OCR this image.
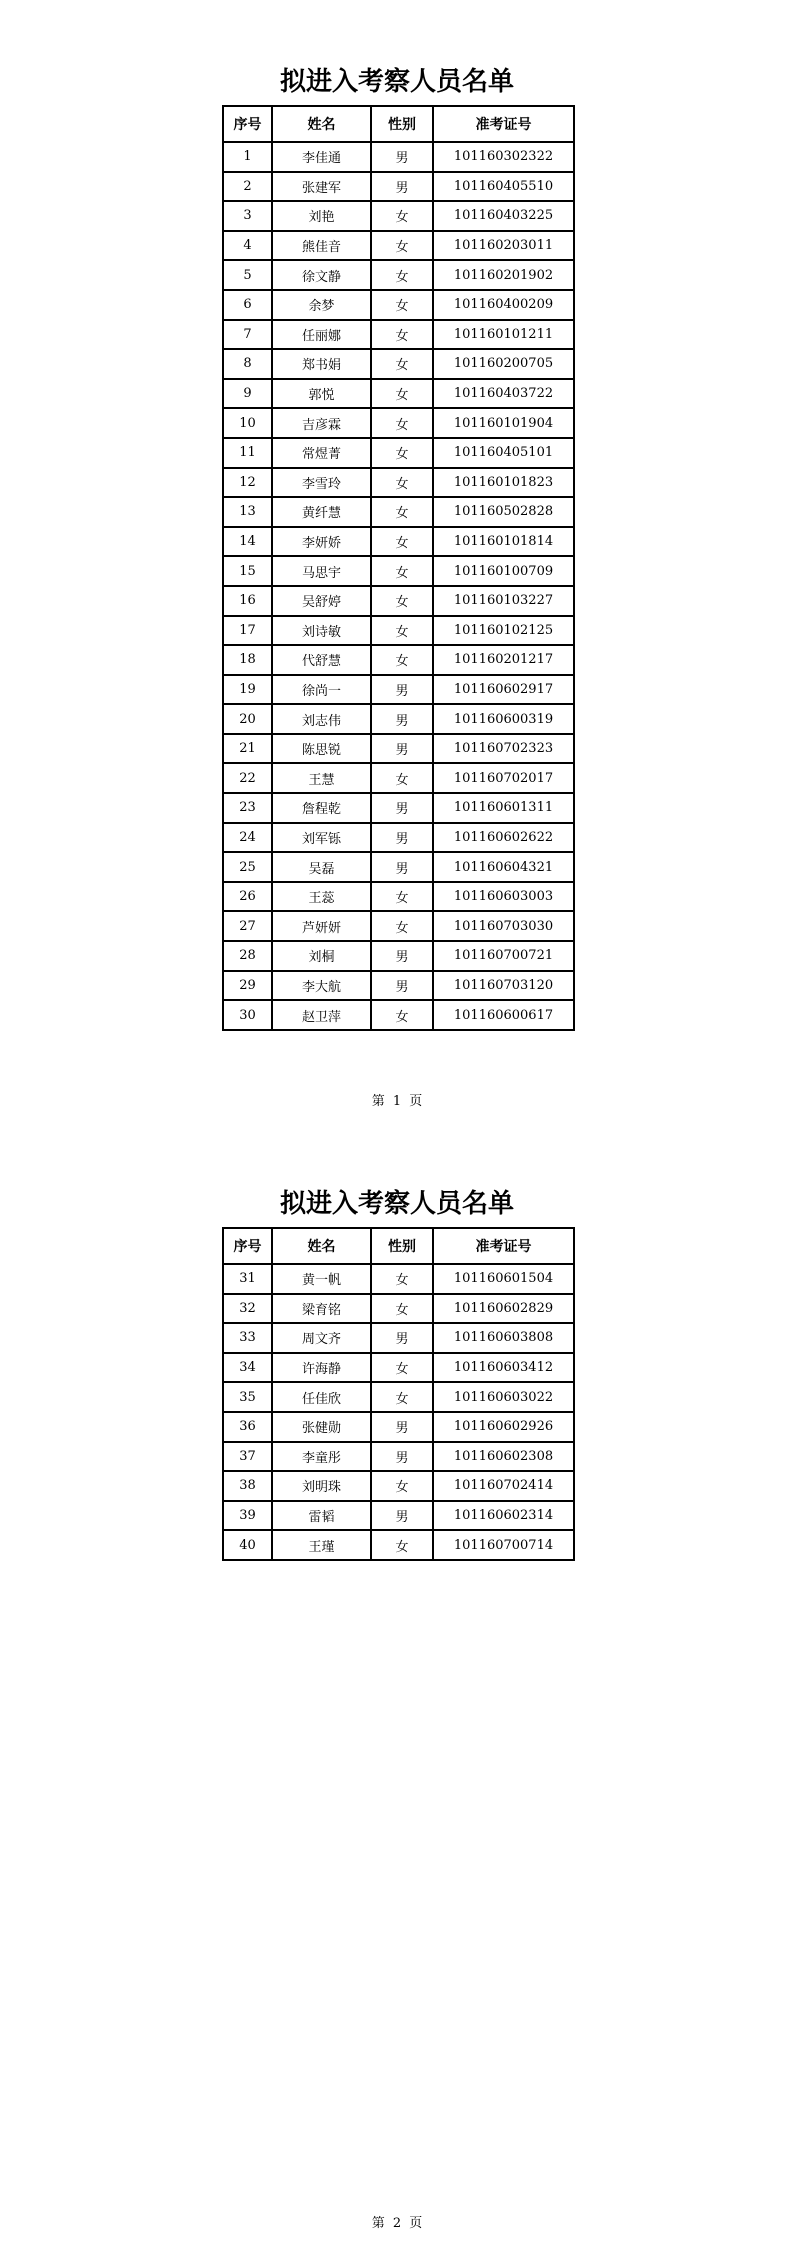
拟进入考察人员名单
序号	姓名	性别	准考证号
1	李佳通	男	101160302322
2	张建军	男	101160405510
3	刘艳	女	101160403225
4	熊佳音	女	101160203011
5	徐文静	女	101160201902
6	余梦	女	101160400209
7	任丽娜	女	101160101211
8	郑书娟	女	101160200705
9	郭悦	女	101160403722
10	吉彦霖	女	101160101904
11	常煜菁	女	101160405101
12	李雪玲	女	101160101823
13	黄纤慧	女	101160502828
14	李妍娇	女	101160101814
15	马思宇	女	101160100709
16	吴舒婷	女	101160103227
17	刘诗敏	女	101160102125
18	代舒慧	女	101160201217
19	徐尚一	男	101160602917
20	刘志伟	男	101160600319
21	陈思锐	男	101160702323
22	王慧	女	101160702017
23	詹程乾	男	101160601311
24	刘军铄	男	101160602622
25	吴磊	男	101160604321
26	王蕊	女	101160603003
27	芦妍妍	女	101160703030
28	刘桐	男	101160700721
29	李大航	男	101160703120
30	赵卫萍	女	101160600617
第 1 页
拟进入考察人员名单
序号	姓名	性别	准考证号
31	黄一帆	女	101160601504
32	梁育铭	女	101160602829
33	周文齐	男	101160603808
34	许海静	女	101160603412
35	任佳欣	女	101160603022
36	张健勋	男	101160602926
37	李童彤	男	101160602308
38	刘明珠	女	101160702414
39	雷韬	男	101160602314
40	王瑾	女	101160700714
第 2 页
